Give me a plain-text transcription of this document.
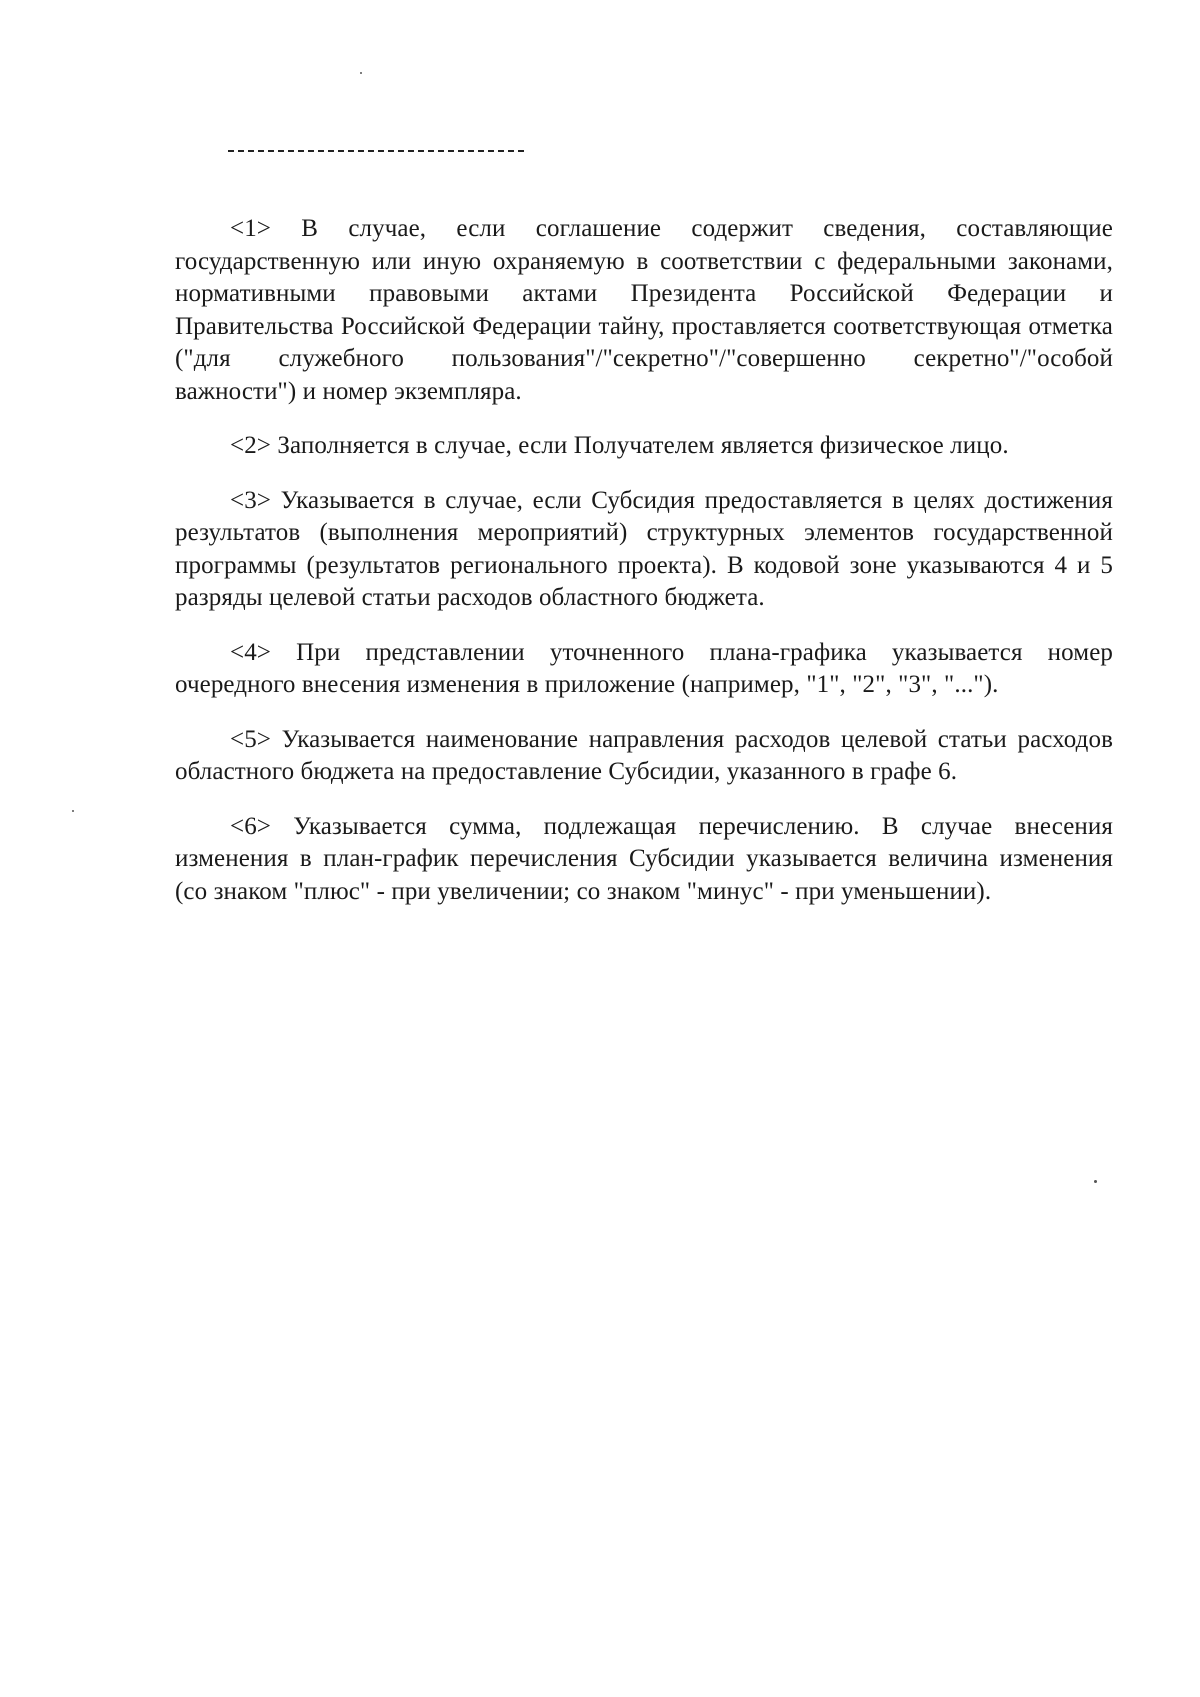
<1> В случае, если соглашение содержит сведения, составляющие государственную или иную охраняемую в соответствии с федеральными законами, нормативными правовыми актами Президента Российской Федерации и Правительства Российской Федерации тайну, проставляется соответствующая отметка ("для служебного пользования"/"секретно"/"совершенно секретно"/"особой важности") и номер экземпляра.

<2> Заполняется в случае, если Получателем является физическое лицо.

<3> Указывается в случае, если Субсидия предоставляется в целях достижения результатов (выполнения мероприятий) структурных элементов государственной программы (результатов регионального проекта). В кодовой зоне указываются 4 и 5 разряды целевой статьи расходов областного бюджета.

<4> При представлении уточненного плана-графика указывается номер очередного внесения изменения в приложение (например, "1", "2", "3", "...").

<5> Указывается наименование направления расходов целевой статьи расходов областного бюджета на предоставление Субсидии, указанного в графе 6.

<6> Указывается сумма, подлежащая перечислению. В случае внесения изменения в план-график перечисления Субсидии указывается величина изменения (со знаком "плюс" - при увеличении; со знаком "минус" - при уменьшении).
